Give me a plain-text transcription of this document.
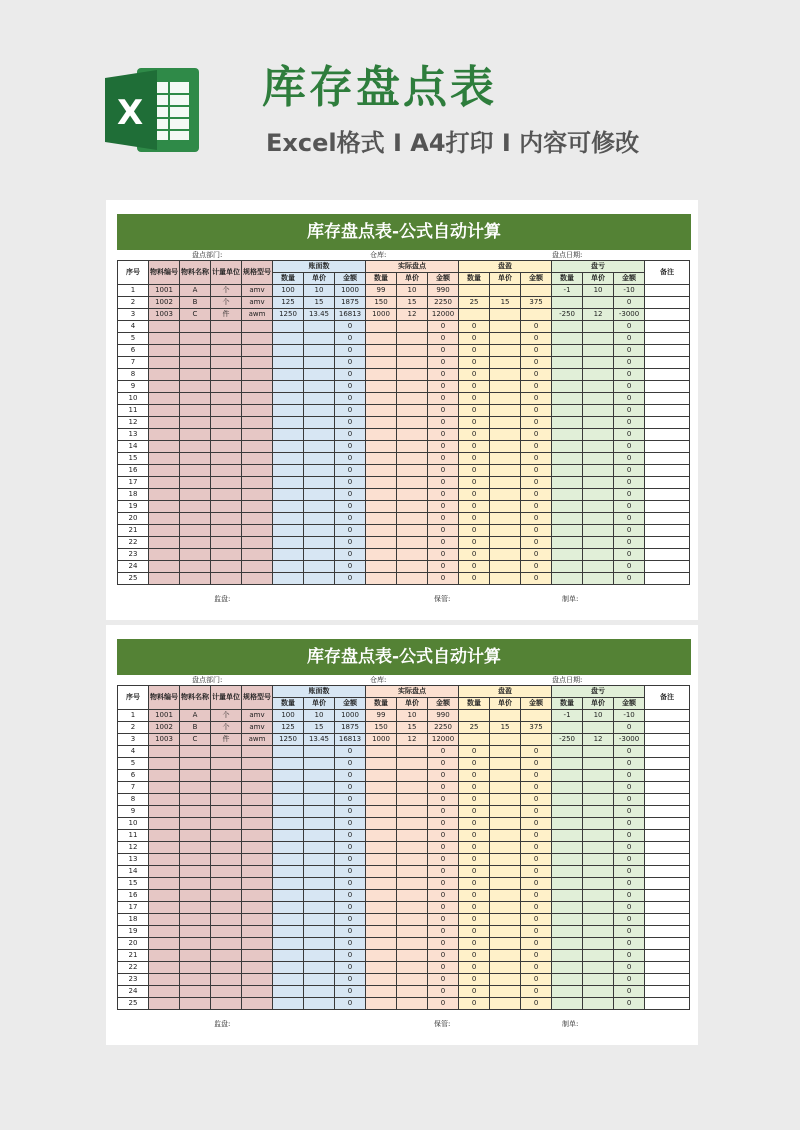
X	库存盘点表
Excel格式 I A4打印 I 内容可修改
库存盘点表-公式自动计算
盘点部门:	仓库:	盘点日期:
序号	物料编号	物料名称	计量单位	规格型号	账面数			实际盘点			盘盈			盘亏			备注
					数量	单价	金额	数量	单价	金额	数量	单价	金额	数量	单价	金额	
1	1001	A	个	amv	100	10	1000	99	10	990				-1	10	-10	
2	1002	B	个	amv	125	15	1875	150	15	2250	25	15	375			0	
3	1003	C	件	awm	1250	13.45	16813	1000	12	12000				-250	12	-3000	
4							0			0	0		0			0	
5							0			0	0		0			0	
6							0			0	0		0			0	
7							0			0	0		0			0	
8							0			0	0		0			0	
9							0			0	0		0			0	
10							0			0	0		0			0	
11							0			0	0		0			0	
12							0			0	0		0			0	
13							0			0	0		0			0	
14							0			0	0		0			0	
15							0			0	0		0			0	
16							0			0	0		0			0	
17							0			0	0		0			0	
18							0			0	0		0			0	
19							0			0	0		0			0	
20							0			0	0		0			0	
21							0			0	0		0			0	
22							0			0	0		0			0	
23							0			0	0		0			0	
24							0			0	0		0			0	
25							0			0	0		0			0	
监盘:	保管:	制单:
库存盘点表-公式自动计算
盘点部门:	仓库:	盘点日期:
序号	物料编号	物料名称	计量单位	规格型号	账面数			实际盘点			盘盈			盘亏			备注
					数量	单价	金额	数量	单价	金额	数量	单价	金额	数量	单价	金额	
1	1001	A	个	amv	100	10	1000	99	10	990				-1	10	-10	
2	1002	B	个	amv	125	15	1875	150	15	2250	25	15	375			0	
3	1003	C	件	awm	1250	13.45	16813	1000	12	12000				-250	12	-3000	
4							0			0	0		0			0	
5							0			0	0		0			0	
6							0			0	0		0			0	
7							0			0	0		0			0	
8							0			0	0		0			0	
9							0			0	0		0			0	
10							0			0	0		0			0	
11							0			0	0		0			0	
12							0			0	0		0			0	
13							0			0	0		0			0	
14							0			0	0		0			0	
15							0			0	0		0			0	
16							0			0	0		0			0	
17							0			0	0		0			0	
18							0			0	0		0			0	
19							0			0	0		0			0	
20							0			0	0		0			0	
21							0			0	0		0			0	
22							0			0	0		0			0	
23							0			0	0		0			0	
24							0			0	0		0			0	
25							0			0	0		0			0	
监盘:	保管:	制单:
